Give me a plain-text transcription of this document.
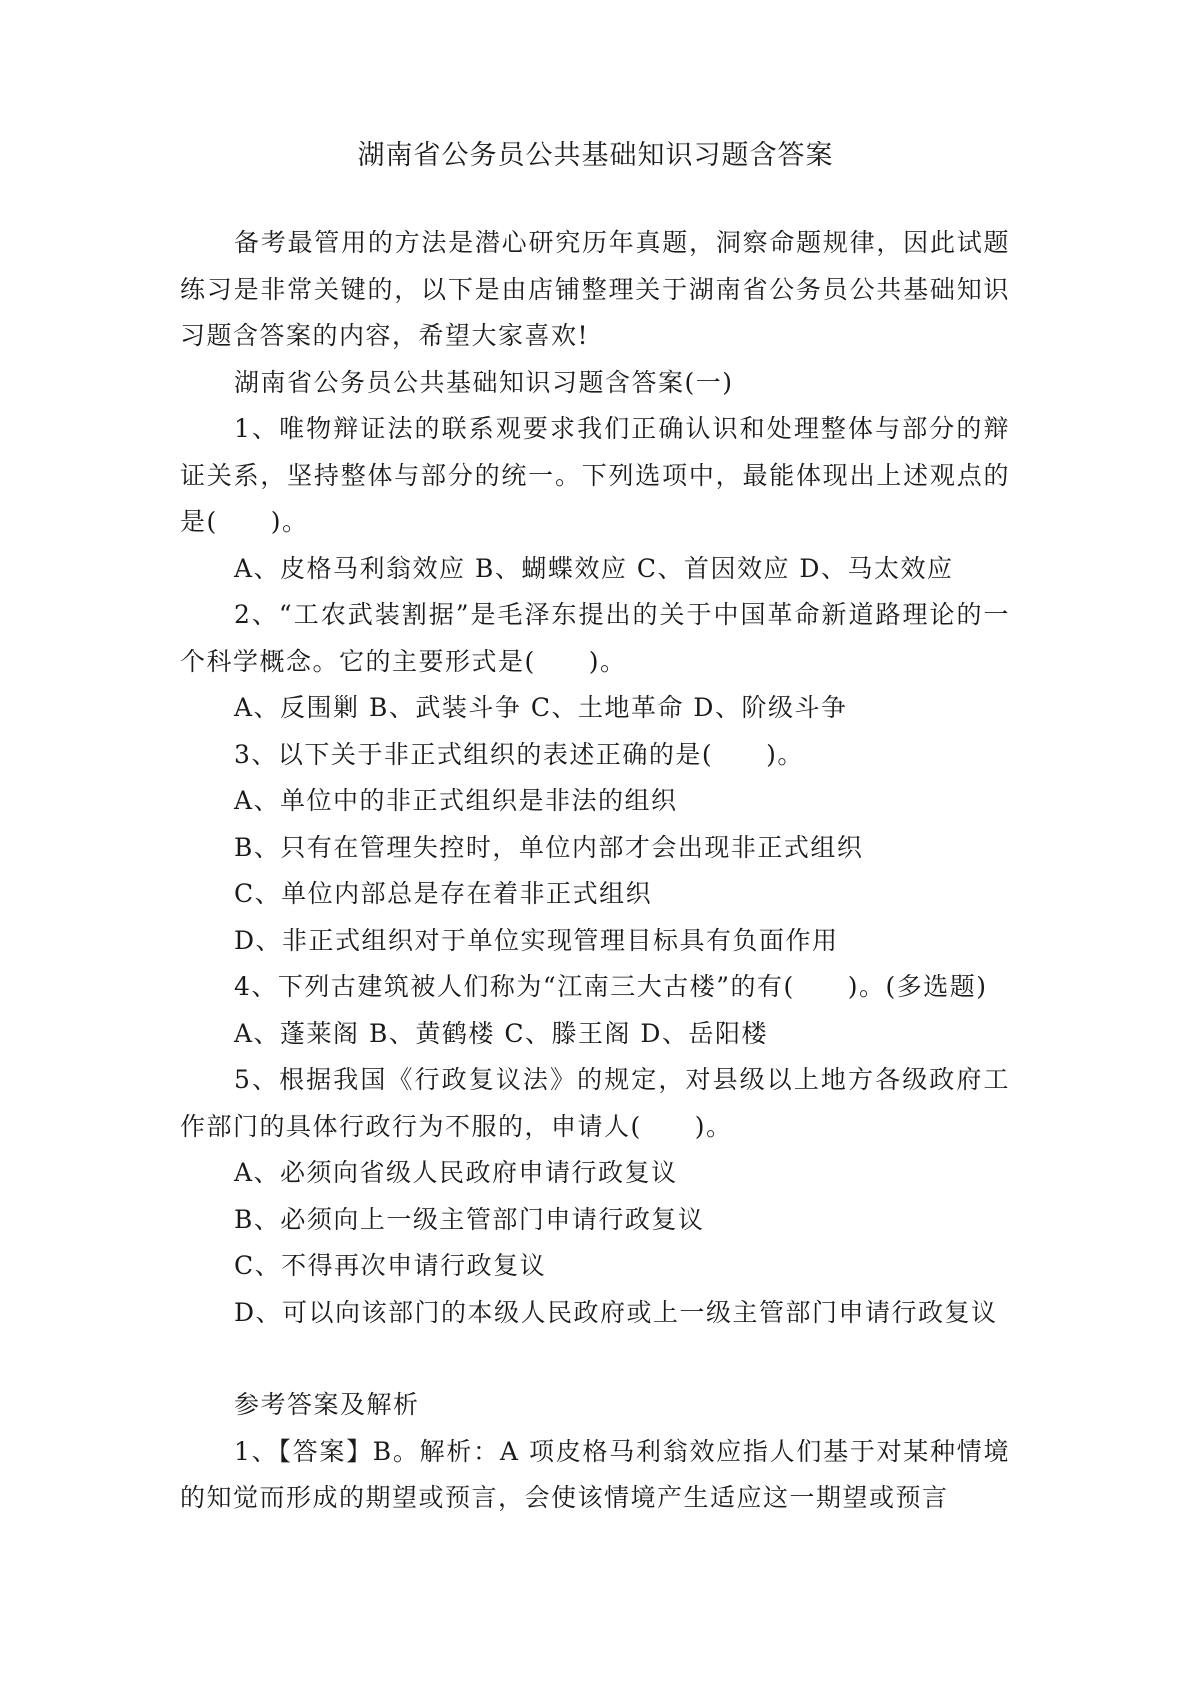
湖南省公务员公共基础知识习题含答案

备考最管用的方法是潜心研究历年真题，洞察命题规律，因此试题练习是非常关键的，以下是由店铺整理关于湖南省公务员公共基础知识习题含答案的内容，希望大家喜欢!

湖南省公务员公共基础知识习题含答案(一)

1、唯物辩证法的联系观要求我们正确认识和处理整体与部分的辩证关系，坚持整体与部分的统一。下列选项中，最能体现出上述观点的是(　　)。

A、皮格马利翁效应 B、蝴蝶效应 C、首因效应 D、马太效应

2、“工农武装割据”是毛泽东提出的关于中国革命新道路理论的一个科学概念。它的主要形式是(　　)。

A、反围剿 B、武装斗争 C、土地革命 D、阶级斗争

3、以下关于非正式组织的表述正确的是(　　)。

A、单位中的非正式组织是非法的组织

B、只有在管理失控时，单位内部才会出现非正式组织

C、单位内部总是存在着非正式组织

D、非正式组织对于单位实现管理目标具有负面作用

4、下列古建筑被人们称为“江南三大古楼”的有(　　)。(多选题)

A、蓬莱阁 B、黄鹤楼 C、滕王阁 D、岳阳楼

5、根据我国《行政复议法》的规定，对县级以上地方各级政府工作部门的具体行政行为不服的，申请人(　　)。

A、必须向省级人民政府申请行政复议

B、必须向上一级主管部门申请行政复议

C、不得再次申请行政复议

D、可以向该部门的本级人民政府或上一级主管部门申请行政复议

参考答案及解析

1、【答案】B。解析：A 项皮格马利翁效应指人们基于对某种情境的知觉而形成的期望或预言，会使该情境产生适应这一期望或预言
